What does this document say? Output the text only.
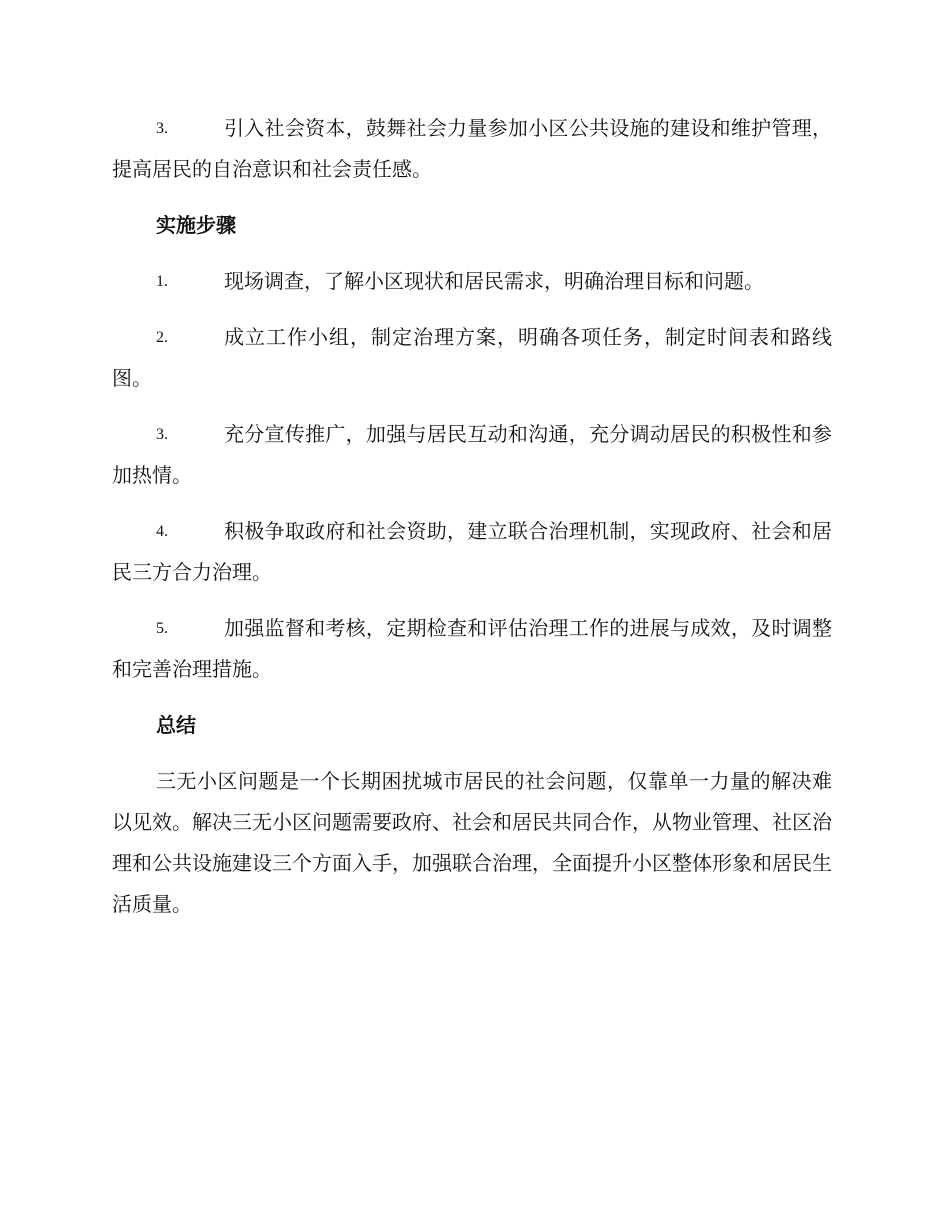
3.	引入社会资本，鼓舞社会力量参加小区公共设施的建设和维护管理，提高居民的自治意识和社会责任感。

实施步骤

1.	现场调查，了解小区现状和居民需求，明确治理目标和问题。

2.	成立工作小组，制定治理方案，明确各项任务，制定时间表和路线图。

3.	充分宣传推广，加强与居民互动和沟通，充分调动居民的积极性和参加热情。

4.	积极争取政府和社会资助，建立联合治理机制，实现政府、社会和居民三方合力治理。

5.	加强监督和考核，定期检查和评估治理工作的进展与成效，及时调整和完善治理措施。

总结

三无小区问题是一个长期困扰城市居民的社会问题，仅靠单一力量的解决难以见效。解决三无小区问题需要政府、社会和居民共同合作，从物业管理、社区治理和公共设施建设三个方面入手，加强联合治理，全面提升小区整体形象和居民生活质量。
